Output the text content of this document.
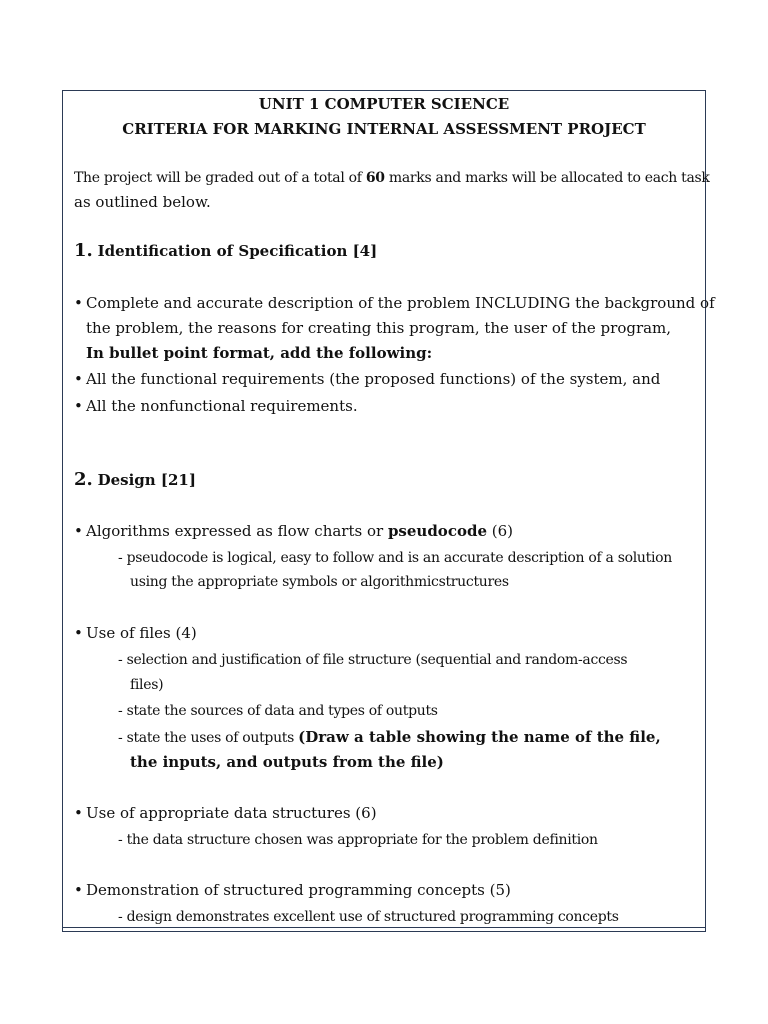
UNIT 1 COMPUTER SCIENCE
CRITERIA FOR MARKING INTERNAL ASSESSMENT PROJECT
The project will be graded out of a total of 60 marks and marks will be allocated to each task
as outlined below.
1. Identification of Specification [4]
• Complete and accurate description of the problem INCLUDING the background of
the problem, the reasons for creating this program, the user of the program,
In bullet point format, add the following:
• All the functional requirements (the proposed functions) of the system, and
• All the nonfunctional requirements.
2. Design [21]
• Algorithms expressed as flow charts or pseudocode (6)
- pseudocode is logical, easy to follow and is an accurate description of a solution
using the appropriate symbols or algorithmicstructures
• Use of files (4)
- selection and justification of file structure (sequential and random-access
files)
- state the sources of data and types of outputs
- state the uses of outputs (Draw a table showing the name of the file,
the inputs, and outputs from the file)
• Use of appropriate data structures (6)
- the data structure chosen was appropriate for the problem definition
• Demonstration of structured programming concepts (5)
- design demonstrates excellent use of structured programming concepts
